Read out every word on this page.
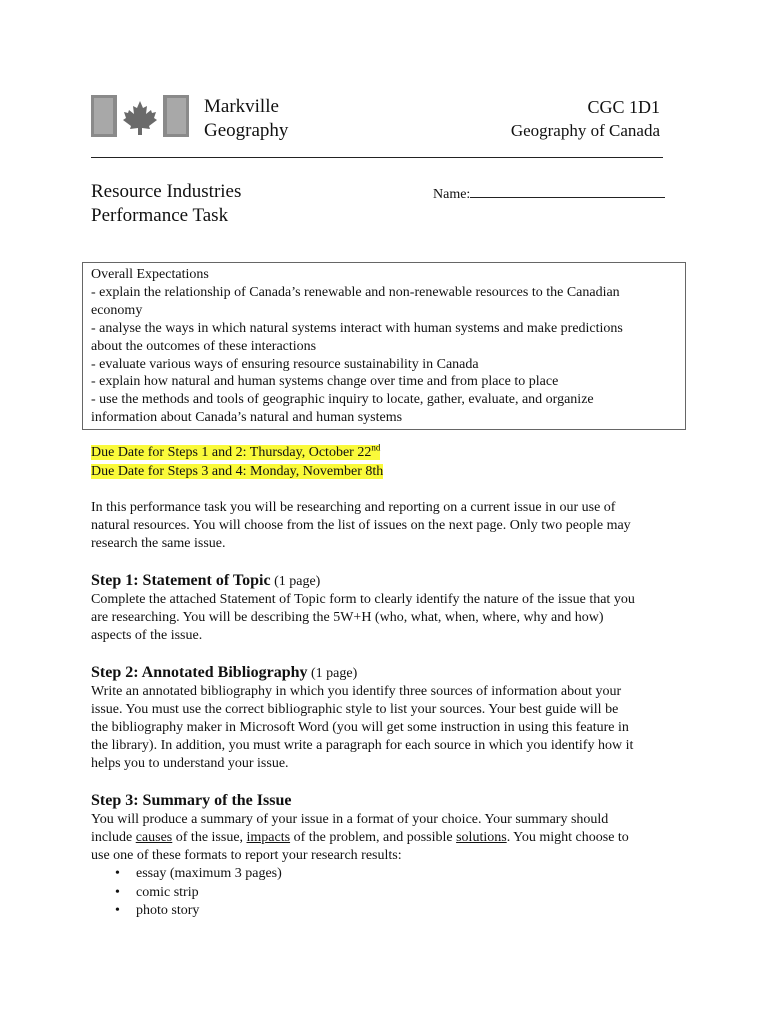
Markville
Geography
CGC 1D1
Geography of Canada
Resource Industries
Performance Task
Name:
Overall Expectations
- explain the relationship of Canada’s renewable and non-renewable resources to the Canadian
economy
- analyse the ways in which natural systems interact with human systems and make predictions
about the outcomes of these interactions
- evaluate various ways of ensuring resource sustainability in Canada
- explain how natural and human systems change over time and from place to place
- use the methods and tools of geographic inquiry to locate, gather, evaluate, and organize
information about Canada’s natural and human systems
Due Date for Steps 1 and 2: Thursday, October 22nd
Due Date for Steps 3 and 4: Monday, November 8th
In this performance task you will be researching and reporting on a current issue in our use of
natural resources. You will choose from the list of issues on the next page. Only two people may
research the same issue.
Step 1: Statement of Topic (1 page)
Complete the attached Statement of Topic form to clearly identify the nature of the issue that you
are researching. You will be describing the 5W+H (who, what, when, where, why and how)
aspects of the issue.
Step 2: Annotated Bibliography (1 page)
Write an annotated bibliography in which you identify three sources of information about your
issue. You must use the correct bibliographic style to list your sources. Your best guide will be
the bibliography maker in Microsoft Word (you will get some instruction in using this feature in
the library). In addition, you must write a paragraph for each source in which you identify how it
helps you to understand your issue.
Step 3: Summary of the Issue
You will produce a summary of your issue in a format of your choice. Your summary should
include causes of the issue, impacts of the problem, and possible solutions. You might choose to
use one of these formats to report your research results:
• essay (maximum 3 pages)
• comic strip
• photo story
